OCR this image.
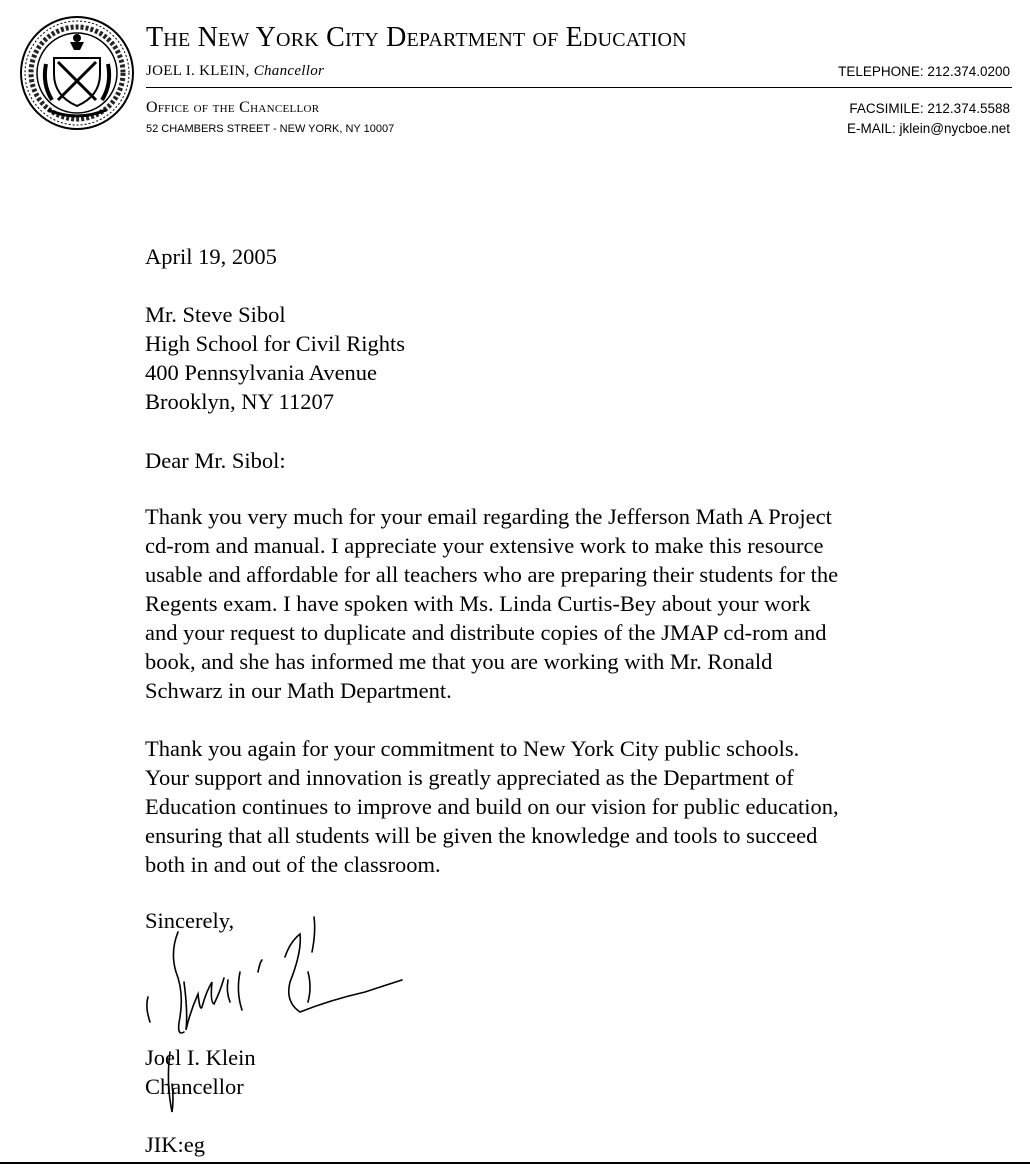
The New York City Department of Education
JOEL I. KLEIN, Chancellor	TELEPHONE: 212.374.0200
Office of the Chancellor
52 CHAMBERS STREET - NEW YORK, NY 10007
FACSIMILE: 212.374.5588
E-MAIL: jklein@nycboe.net
April 19, 2005
Mr. Steve Sibol
High School for Civil Rights
400 Pennsylvania Avenue
Brooklyn, NY 11207
Dear Mr. Sibol:
Thank you very much for your email regarding the Jefferson Math A Project
cd-rom and manual. I appreciate your extensive work to make this resource
usable and affordable for all teachers who are preparing their students for the
Regents exam. I have spoken with Ms. Linda Curtis-Bey about your work
and your request to duplicate and distribute copies of the JMAP cd-rom and
book, and she has informed me that you are working with Mr. Ronald
Schwarz in our Math Department.
Thank you again for your commitment to New York City public schools.
Your support and innovation is greatly appreciated as the Department of
Education continues to improve and build on our vision for public education,
ensuring that all students will be given the knowledge and tools to succeed
both in and out of the classroom.
Sincerely,
Joel I. Klein
Chancellor
JIK:eg
